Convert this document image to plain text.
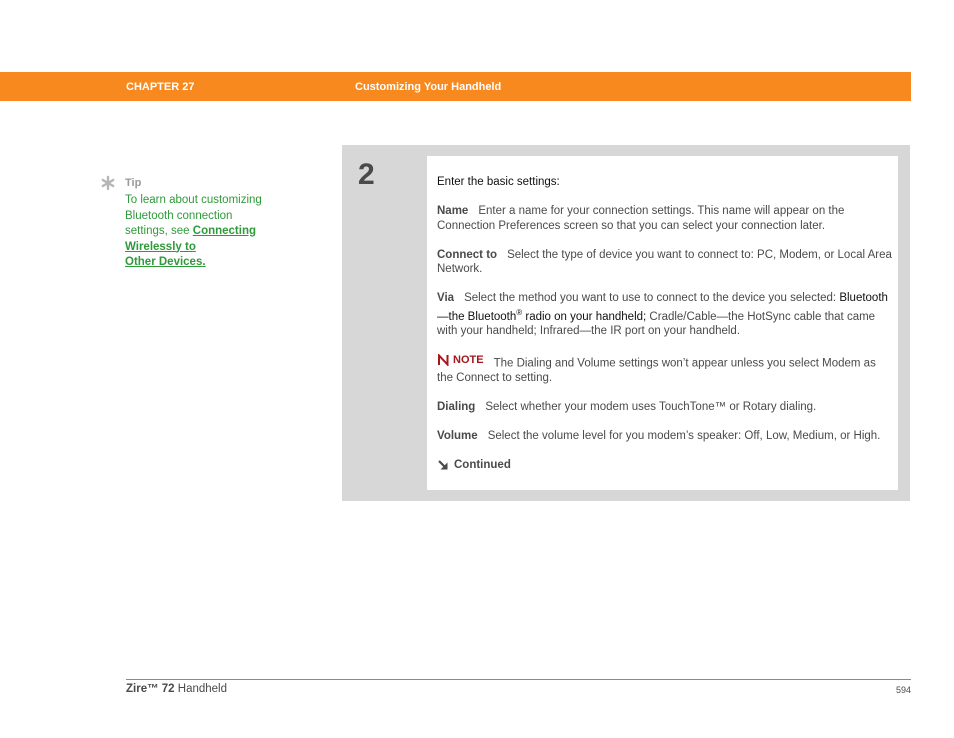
CHAPTER 27	Customizing Your Handheld
Tip
To learn about customizing Bluetooth connection settings, see Connecting Wirelessly to
Other Devices.
2	Enter the basic settings:

Name Enter a name for your connection settings. This name will appear on the Connection Preferences screen so that you can select your connection later.

Connect to Select the type of device you want to connect to: PC, Modem, or Local Area Network.

Via Select the method you want to use to connect to the device you selected: Bluetooth—the Bluetooth® radio on your handheld; Cradle/Cable—the HotSync cable that came with your handheld; Infrared—the IR port on your handheld.

NOTE The Dialing and Volume settings won’t appear unless you select Modem as the Connect to setting.

Dialing Select whether your modem uses TouchTone™ or Rotary dialing.

Volume Select the volume level for you modem’s speaker: Off, Low, Medium, or High.

Continued

Zire™ 72 Handheld	594
